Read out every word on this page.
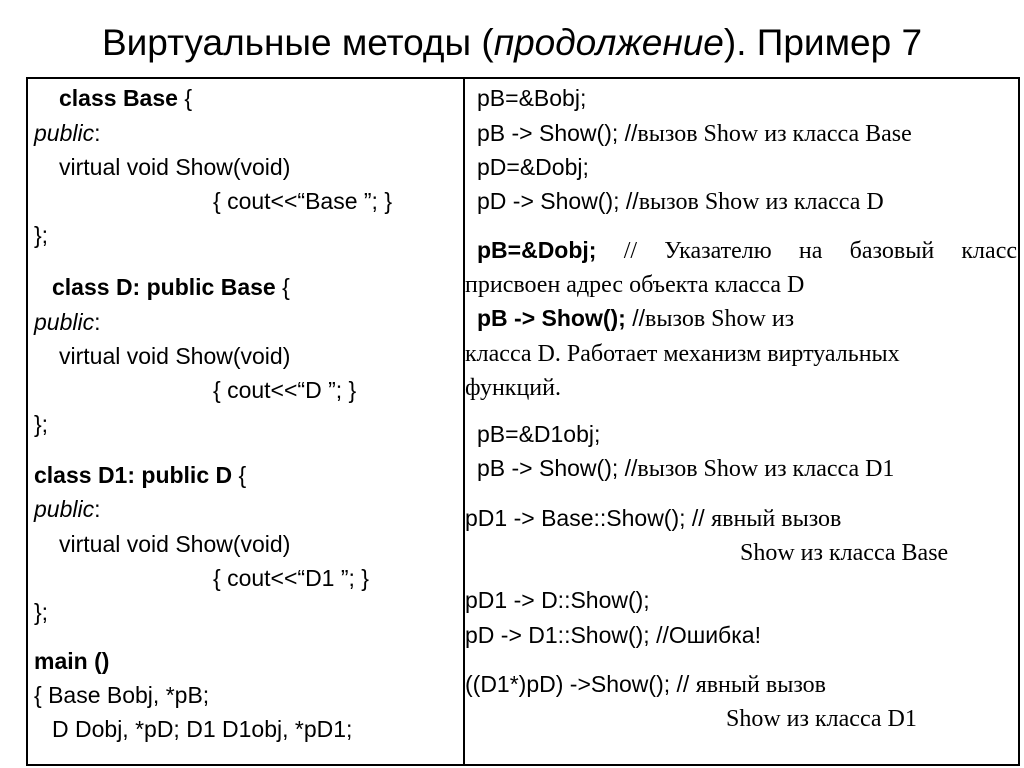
Виртуальные методы (продолжение). Пример 7
class Base {
public:
virtual void Show(void)
{ cout<<“Base ”; }
};
class D: public Base {
public:
virtual void Show(void)
{ cout<<“D ”; }
};
class D1: public D {
public:
virtual void Show(void)
{ cout<<“D1 ”; }
};
main ()
{ Base Bobj, *pB;
D Dobj, *pD; D1 D1obj, *pD1;
pB=&Bobj;
pB -> Show(); //вызов Show из класса Base
pD=&Dobj;
pD -> Show(); //вызов Show из класса D
pB=&Dobj; // Указателю на базовый класс
присвоен адрес объекта класса D
pB -> Show(); //вызов Show из
класса D. Работает механизм виртуальных
функций.
pB=&D1obj;
pB -> Show(); //вызов Show из класса D1
pD1 -> Base::Show(); // явный вызов
Show из класса Base
pD1 -> D::Show();
pD -> D1::Show(); //Ошибка!
((D1*)pD) ->Show(); // явный вызов
Show из класса D1
